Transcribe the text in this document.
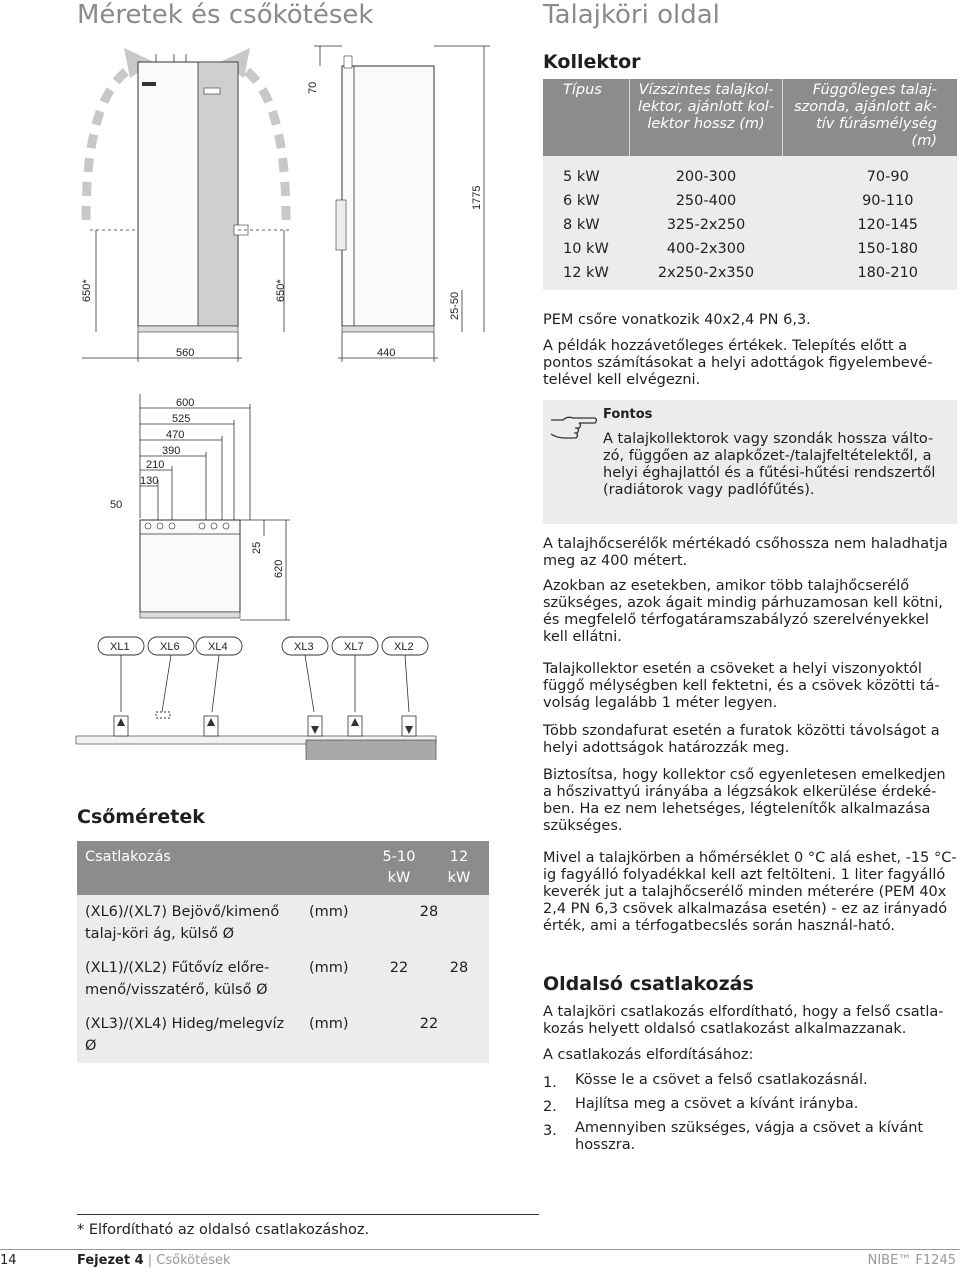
Méretek és csőkötések	Talajköri oldal
650*	650*
560
70
1775
25-50
440
600
525
470
390
210
130
50
25
620
XL1	XL6	XL4	XL3	XL7	XL2
Csőméretek
Csatlakozás		5-10 kW	12 kW
(XL6)/(XL7) Bejövő/kimenő talaj-köri ág, külső Ø	(mm)	28	
(XL1)/(XL2) Fűtővíz előre-menő/visszatérő, külső Ø	(mm)	22	28
(XL3)/(XL4) Hideg/melegvíz Ø	(mm)	22	
Kollektor
Típus	Vízszintes talajkol-lektor, ajánlott kol-lektor hossz (m)	Függőleges talaj-szonda, ajánlott ak-tív fúrásmélység (m)
5 kW	200-300	70-90
6 kW	250-400	90-110
8 kW	325-2x250	120-145
10 kW	400-2x300	150-180
12 kW	2x250-2x350	180-210
PEM csőre vonatkozik 40x2,4 PN 6,3.
A példák hozzávetőleges értékek. Telepítés előtt a pontos számításokat a helyi adottágok figyelembevé-telével kell elvégezni.
Fontos
A talajkollektorok vagy szondák hossza válto-zó, függően az alapkőzet-/talajfeltételektől, a helyi éghajlattól és a fűtési-hűtési rendszertől (radiátorok vagy padlófűtés).
A talajhőcserélők mértékadó csőhossza nem haladhatja meg az 400 métert.
Azokban az esetekben, amikor több talajhőcserélő szükséges, azok ágait mindig párhuzamosan kell kötni, és megfelelő térfogatáramszabályzó szerelvényekkel kell ellátni.
Talajkollektor esetén a csöveket a helyi viszonyoktól függő mélységben kell fektetni, és a csövek közötti tá-volság legalább 1 méter legyen.
Több szondafurat esetén a furatok közötti távolságot a helyi adottságok határozzák meg.
Biztosítsa, hogy kollektor cső egyenletesen emelkedjen a hőszivattyú irányába a légzsákok elkerülése érdeké-ben. Ha ez nem lehetséges, légtelenítők alkalmazása szükséges.
Mivel a talajkörben a hőmérséklet 0 °C alá eshet, -15 °C-ig fagyálló folyadékkal kell azt feltölteni. 1 liter fagyálló keverék jut a talajhőcserélő minden méterére (PEM 40x 2,4 PN 6,3 csövek alkalmazása esetén) - ez az irányadó érték, ami a térfogatbecslés során használ-ható.
Oldalsó csatlakozás
A talajköri csatlakozás elfordítható, hogy a felső csatla-kozás helyett oldalsó csatlakozást alkalmazzanak.
A csatlakozás elfordításához:
1. Kösse le a csövet a felső csatlakozásnál.
2. Hajlítsa meg a csövet a kívánt irányba.
3. Amennyiben szükséges, vágja a csövet a kívánt hosszra.
* Elfordítható az oldalsó csatlakozáshoz.
14	Fejezet 4 | Csőkötések	NIBE™ F1245
